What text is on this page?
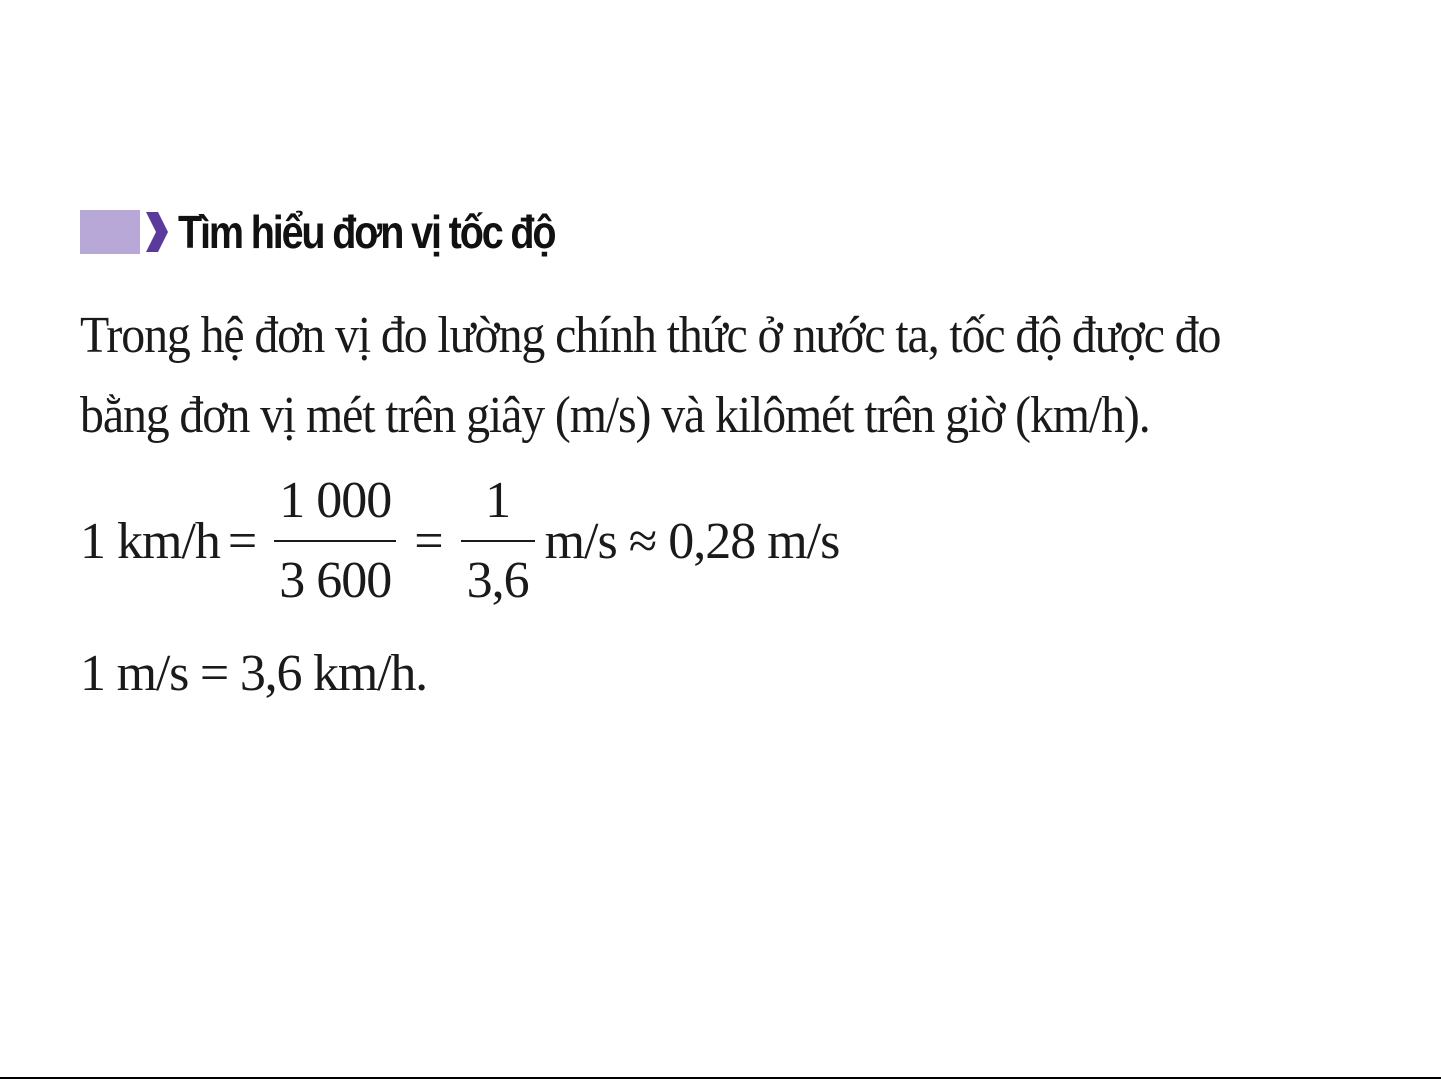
Tìm hiểu đơn vị tốc độ

Trong hệ đơn vị đo lường chính thức ở nước ta, tốc độ được đo
bằng đơn vị mét trên giây (m/s) và kilômét trên giờ (km/h).

1 $km/h = \frac{1 000}{3 600} = \frac{1}{3,6} m/s \approx 0,28$ m/s
1 m/s = 3,6 km/h.
